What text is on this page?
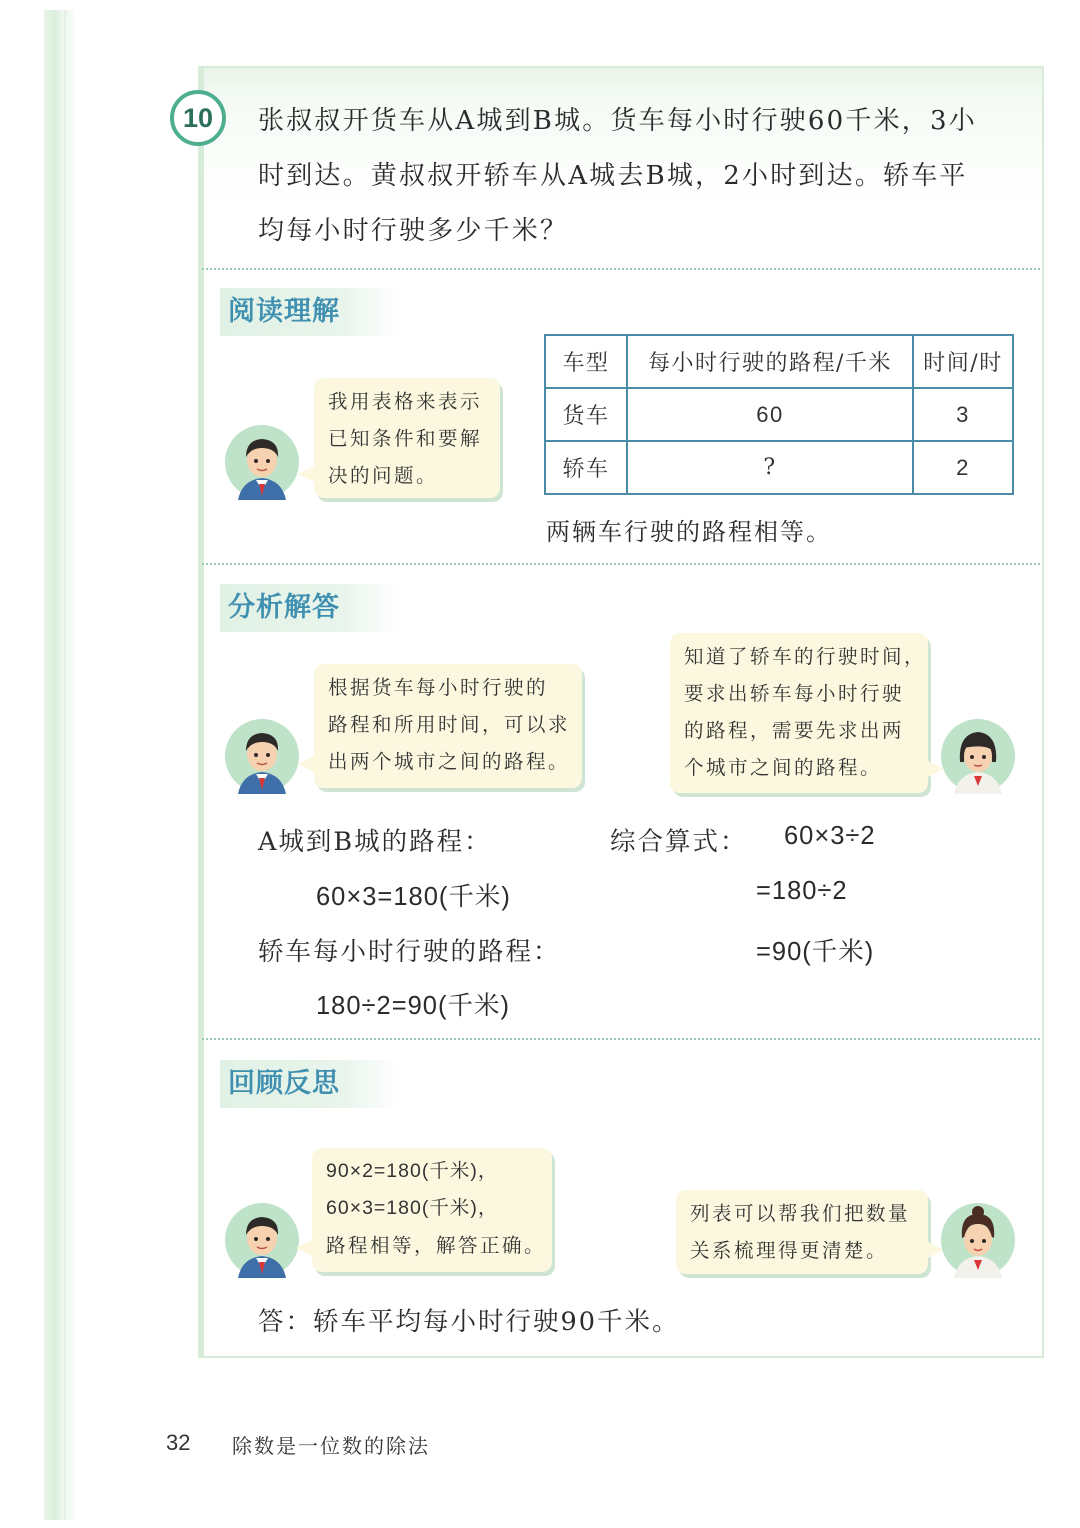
10 张叔叔开货车从A城到B城。货车每小时行驶60千米，3小
时到达。黄叔叔开轿车从A城去B城，2小时到达。轿车平
均每小时行驶多少千米？
阅读理解
我用表格来表示
已知条件和要解
决的问题。
车型	每小时行驶的路程/千米	时间/时
货车	60	3
轿车	?	2
两辆车行驶的路程相等。
分析解答
根据货车每小时行驶的
路程和所用时间，可以求
出两个城市之间的路程。
知道了轿车的行驶时间，
要求出轿车每小时行驶
的路程，需要先求出两
个城市之间的路程。
A城到B城的路程：
60×3=180(千米)
轿车每小时行驶的路程：
180÷2=90(千米)
综合算式： 60×3÷2
=180÷2
=90(千米)
回顾反思
90×2=180(千米)，
60×3=180(千米)，
路程相等，解答正确。
列表可以帮我们把数量
关系梳理得更清楚。
答：轿车平均每小时行驶90千米。
32 除数是一位数的除法
